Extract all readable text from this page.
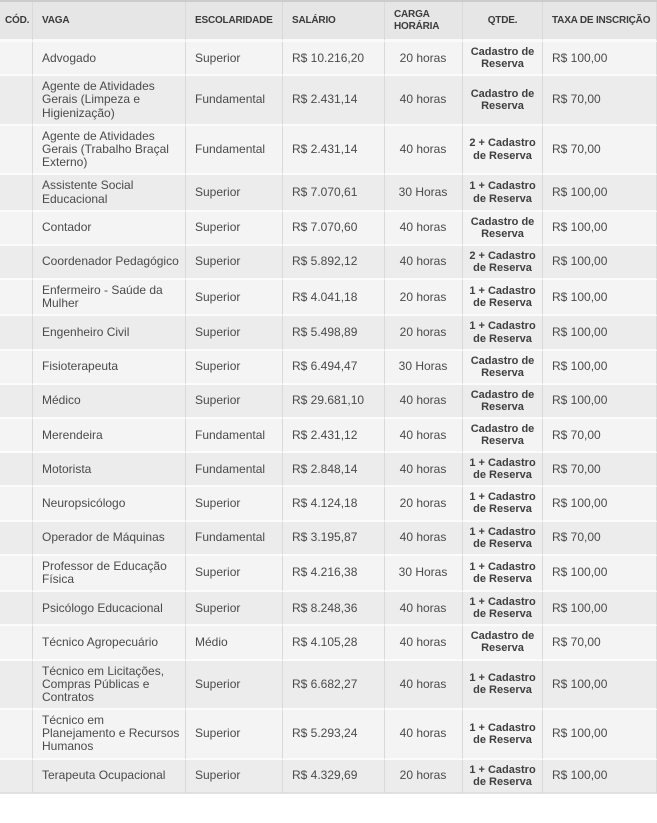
CÓD.	VAGA	ESCOLARIDADE	SALÁRIO	CARGA HORÁRIA	QTDE.	TAXA DE INSCRIÇÃO
	Advogado	Superior	R$ 10.216,20	20 horas	Cadastro de Reserva	R$ 100,00
	Agente de Atividades Gerais (Limpeza e Higienização)	Fundamental	R$ 2.431,14	40 horas	Cadastro de Reserva	R$ 70,00
	Agente de Atividades Gerais (Trabalho Braçal Externo)	Fundamental	R$ 2.431,14	40 horas	2 + Cadastro de Reserva	R$ 70,00
	Assistente Social Educacional	Superior	R$ 7.070,61	30 Horas	1 + Cadastro de Reserva	R$ 100,00
	Contador	Superior	R$ 7.070,60	40 horas	Cadastro de Reserva	R$ 100,00
	Coordenador Pedagógico	Superior	R$ 5.892,12	40 horas	2 + Cadastro de Reserva	R$ 100,00
	Enfermeiro - Saúde da Mulher	Superior	R$ 4.041,18	20 horas	1 + Cadastro de Reserva	R$ 100,00
	Engenheiro Civil	Superior	R$ 5.498,89	20 horas	1 + Cadastro de Reserva	R$ 100,00
	Fisioterapeuta	Superior	R$ 6.494,47	30 Horas	Cadastro de Reserva	R$ 100,00
	Médico	Superior	R$ 29.681,10	40 horas	Cadastro de Reserva	R$ 100,00
	Merendeira	Fundamental	R$ 2.431,12	40 horas	Cadastro de Reserva	R$ 70,00
	Motorista	Fundamental	R$ 2.848,14	40 horas	1 + Cadastro de Reserva	R$ 70,00
	Neuropsicólogo	Superior	R$ 4.124,18	20 horas	1 + Cadastro de Reserva	R$ 100,00
	Operador de Máquinas	Fundamental	R$ 3.195,87	40 horas	1 + Cadastro de Reserva	R$ 70,00
	Professor de Educação Física	Superior	R$ 4.216,38	30 Horas	1 + Cadastro de Reserva	R$ 100,00
	Psicólogo Educacional	Superior	R$ 8.248,36	40 horas	1 + Cadastro de Reserva	R$ 100,00
	Técnico Agropecuário	Médio	R$ 4.105,28	40 horas	Cadastro de Reserva	R$ 70,00
	Técnico em Licitações, Compras Públicas e Contratos	Superior	R$ 6.682,27	40 horas	1 + Cadastro de Reserva	R$ 100,00
	Técnico em Planejamento e Recursos Humanos	Superior	R$ 5.293,24	40 horas	1 + Cadastro de Reserva	R$ 100,00
	Terapeuta Ocupacional	Superior	R$ 4.329,69	20 horas	1 + Cadastro de Reserva	R$ 100,00
